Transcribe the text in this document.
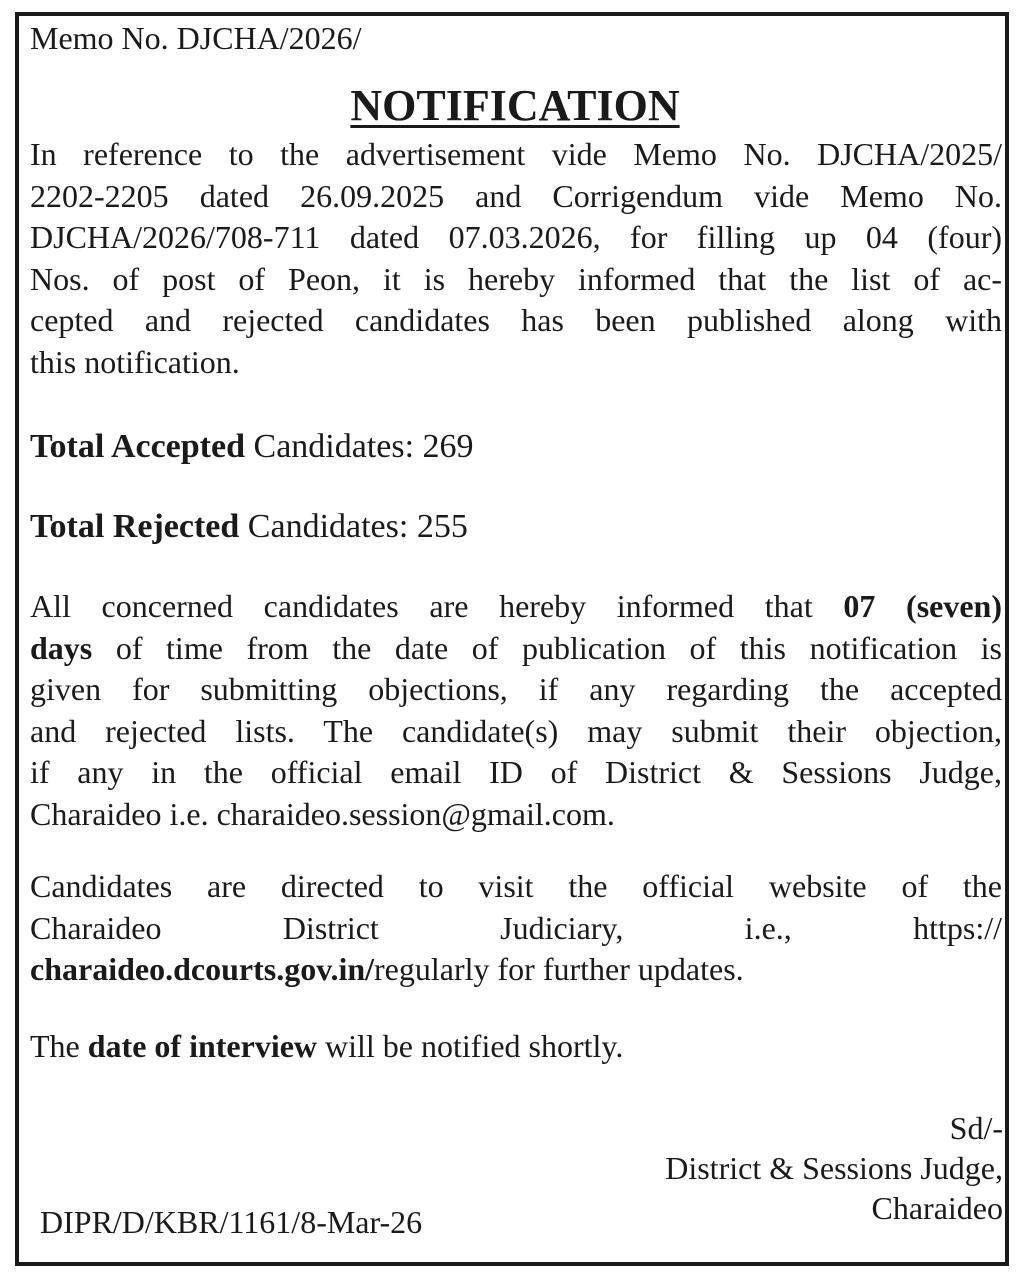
Memo No. DJCHA/2026/
NOTIFICATION
In reference to the advertisement vide Memo No. DJCHA/2025/
2202-2205 dated 26.09.2025 and Corrigendum vide Memo No.
DJCHA/2026/708-711 dated 07.03.2026, for filling up 04 (four)
Nos. of post of Peon, it is hereby informed that the list of ac-
cepted and rejected candidates has been published along with
this notification.
Total Accepted Candidates: 269
Total Rejected Candidates: 255
All concerned candidates are hereby informed that 07 (seven)
days of time from the date of publication of this notification is
given for submitting objections, if any regarding the accepted
and rejected lists. The candidate(s) may submit their objection,
if any in the official email ID of District & Sessions Judge,
Charaideo i.e. charaideo.session@gmail.com.
Candidates are directed to visit the official website of the
Charaideo District Judiciary, i.e., https://
charaideo.dcourts.gov.in/regularly for further updates.
The date of interview will be notified shortly.
Sd/-
District & Sessions Judge,
Charaideo
DIPR/D/KBR/1161/8-Mar-26
